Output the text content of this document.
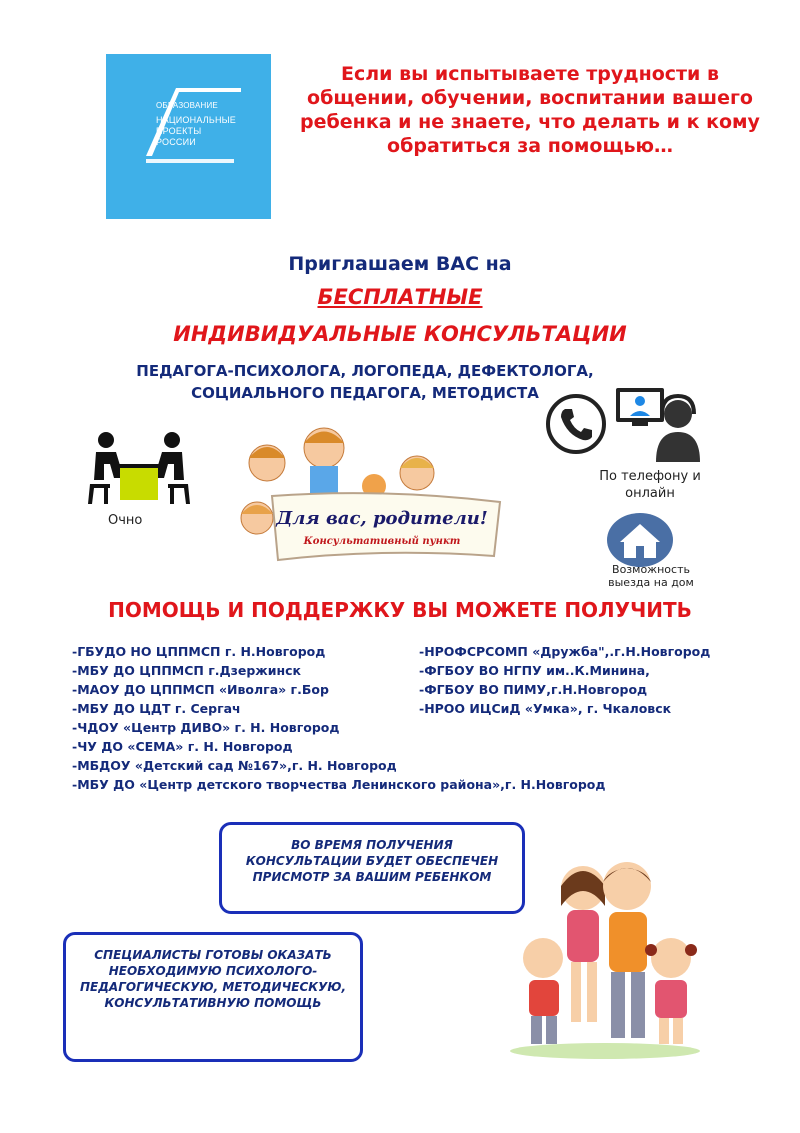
ОБРАЗОВАНИЕ
НАЦИОНАЛЬНЫЕ
ПРОЕКТЫ
РОССИИ
Если вы испытываете трудности в общении, обучении, воспитании вашего ребенка и не знаете, что делать и к кому обратиться за помощью…
Приглашаем ВАС на
БЕСПЛАТНЫЕ
ИНДИВИДУАЛЬНЫЕ КОНСУЛЬТАЦИИ
ПЕДАГОГА-ПСИХОЛОГА, ЛОГОПЕДА, ДЕФЕКТОЛОГА,
СОЦИАЛЬНОГО ПЕДАГОГА, МЕТОДИСТА
Очно	Для вас, родители!
Консультативный пункт
По телефону и онлайн
Возможность выезда на дом
ПОМОЩЬ И ПОДДЕРЖКУ ВЫ МОЖЕТЕ ПОЛУЧИТЬ
-ГБУДО НО ЦППМСП г. Н.Новгород
-МБУ ДО ЦППМСП г.Дзержинск
-МАОУ ДО ЦППМСП «Иволга» г.Бор
-МБУ ДО ЦДТ г. Сергач
-ЧДОУ «Центр ДИВО» г. Н. Новгород
-ЧУ ДО «СЕМА» г. Н. Новгород
-МБДОУ «Детский сад №167»,г. Н. Новгород
-МБУ ДО «Центр детского творчества Ленинского района»,г. Н.Новгород
-НРОФСРСОМП «Дружба",.г.Н.Новгород
-ФГБОУ ВО НГПУ им..К.Минина,
-ФГБОУ ВО ПИМУ,г.Н.Новгород
-НРОО ИЦСиД «Умка», г. Чкаловск
ВО ВРЕМЯ ПОЛУЧЕНИЯ КОНСУЛЬТАЦИИ БУДЕТ ОБЕСПЕЧЕН ПРИСМОТР ЗА ВАШИМ РЕБЕНКОМ
СПЕЦИАЛИСТЫ ГОТОВЫ ОКАЗАТЬ НЕОБХОДИМУЮ ПСИХОЛОГО-ПЕДАГОГИЧЕСКУЮ, МЕТОДИЧЕСКУЮ, КОНСУЛЬТАТИВНУЮ ПОМОЩЬ
